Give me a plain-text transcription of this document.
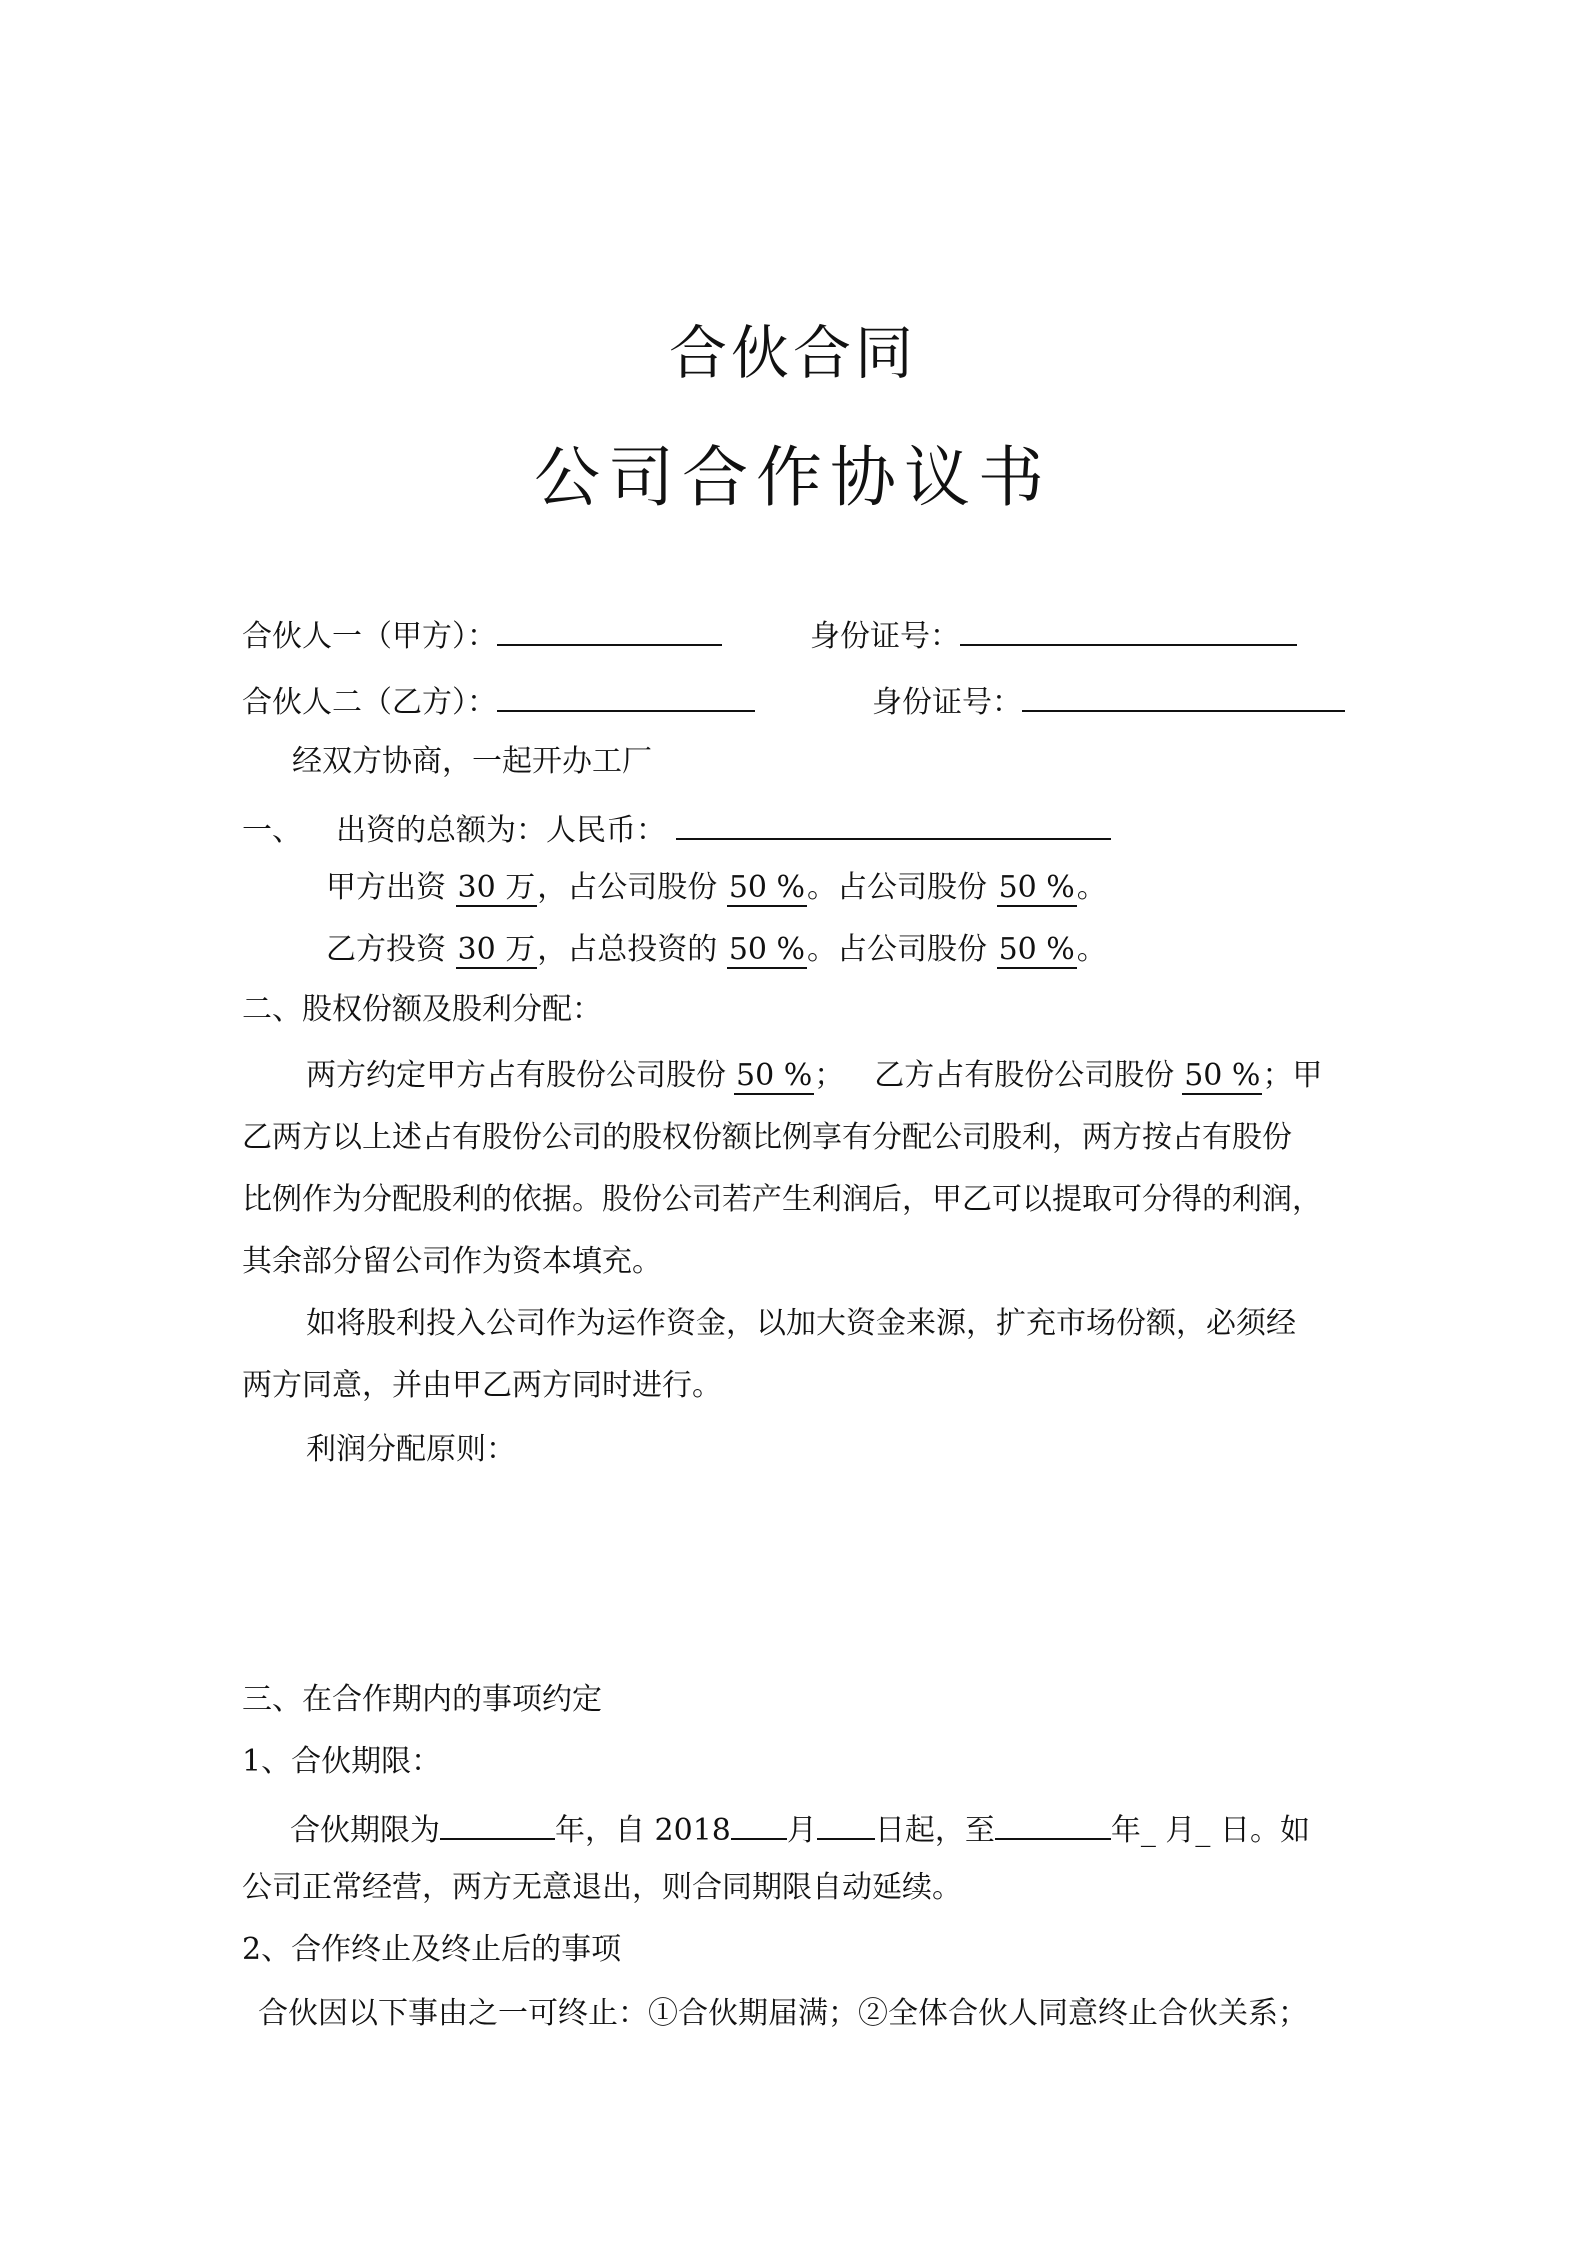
合伙合同
公司合作协议书
合伙人一（甲方）：	身份证号：
合伙人二（乙方）：	身份证号：
经双方协商，一起开办工厂
一、 出资的总额为：人民币：
甲方出资 30 万，占公司股份 50 %。占公司股份 50 %。
乙方投资 30 万，占总投资的 50 %。占公司股份 50 %。
二、股权份额及股利分配：
两方约定甲方占有股份公司股份 50 %； 乙方占有股份公司股份 50 %；甲
乙两方以上述占有股份公司的股权份额比例享有分配公司股利，两方按占有股份
比例作为分配股利的依据。股份公司若产生利润后，甲乙可以提取可分得的利润，
其余部分留公司作为资本填充。
如将股利投入公司作为运作资金，以加大资金来源，扩充市场份额，必须经
两方同意，并由甲乙两方同时进行。
利润分配原则：
三、在合作期内的事项约定
1、合伙期限：
合伙期限为	年，自 2018 月 日起，至	年_ 月_ 日。如
公司正常经营，两方无意退出，则合同期限自动延续。
2、合作终止及终止后的事项
合伙因以下事由之一可终止：①合伙期届满；②全体合伙人同意终止合伙关系；
